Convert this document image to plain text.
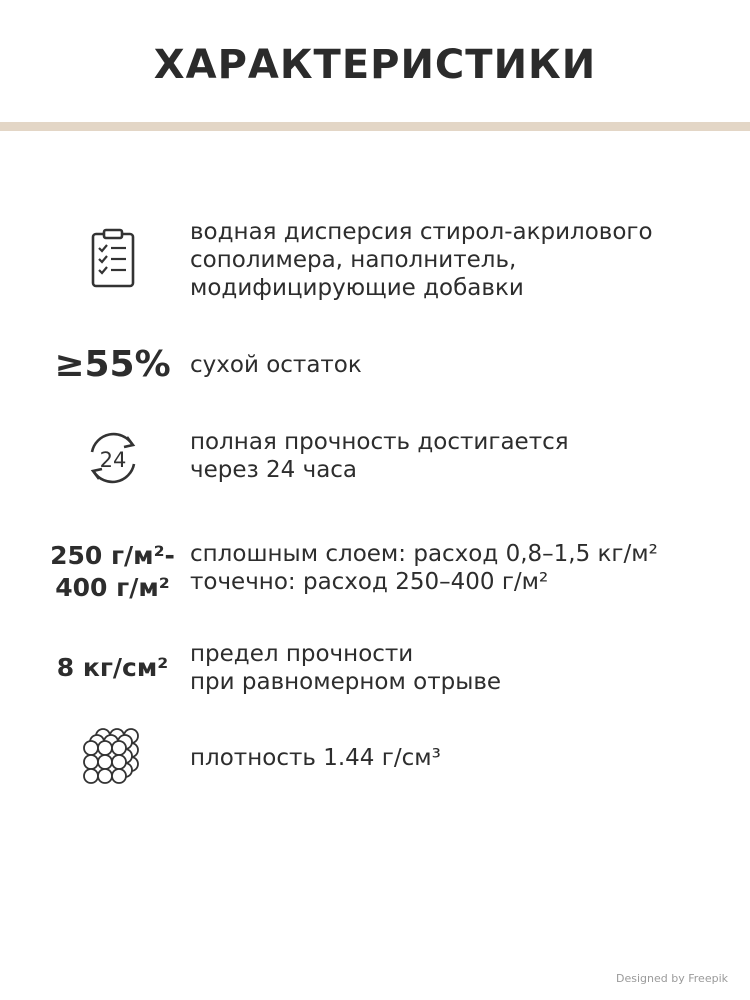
ХАРАКТЕРИСТИКИ
водная дисперсия стирол-акрилового
сополимера, наполнитель,
модифицирующие добавки
≥55% сухой остаток
24
полная прочность достигается
через 24 часа
250 г/м²-
400 г/м²
сплошным слоем: расход 0,8–1,5 кг/м²
точечно: расход 250–400 г/м²
8 кг/см² предел прочности
при равномерном отрыве
плотность 1.44 г/см³
Designed by Freepik
